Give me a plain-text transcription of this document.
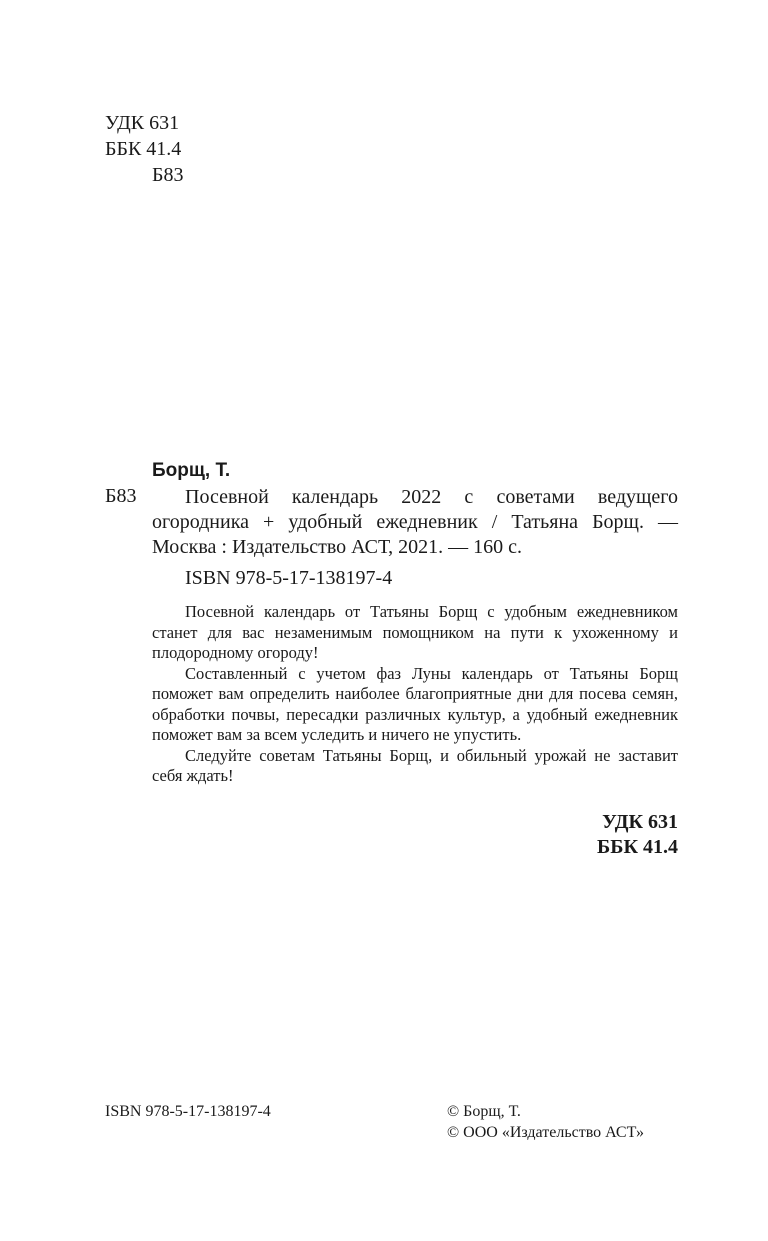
УДК 631
ББК 41.4
Б83
Борщ, Т.
Б83	Посевной календарь 2022 с советами ведущего огородника + удобный ежедневник / Татьяна Борщ. — Москва : Издательство АСТ, 2021. — 160 с.
ISBN 978-5-17-138197-4

Посевной календарь от Татьяны Борщ с удобным ежедневником станет для вас незаменимым помощником на пути к ухоженному и плодородному огороду!

Составленный с учетом фаз Луны календарь от Татьяны Борщ поможет вам определить наиболее благоприятные дни для посева семян, обработки почвы, пересадки различных культур, а удобный ежедневник поможет вам за всем уследить и ничего не упустить.

Следуйте советам Татьяны Борщ, и обильный урожай не заставит себя ждать!

УДК 631
ББК 41.4
ISBN 978-5-17-138197-4	© Борщ, Т.
© ООО «Издательство АСТ»
